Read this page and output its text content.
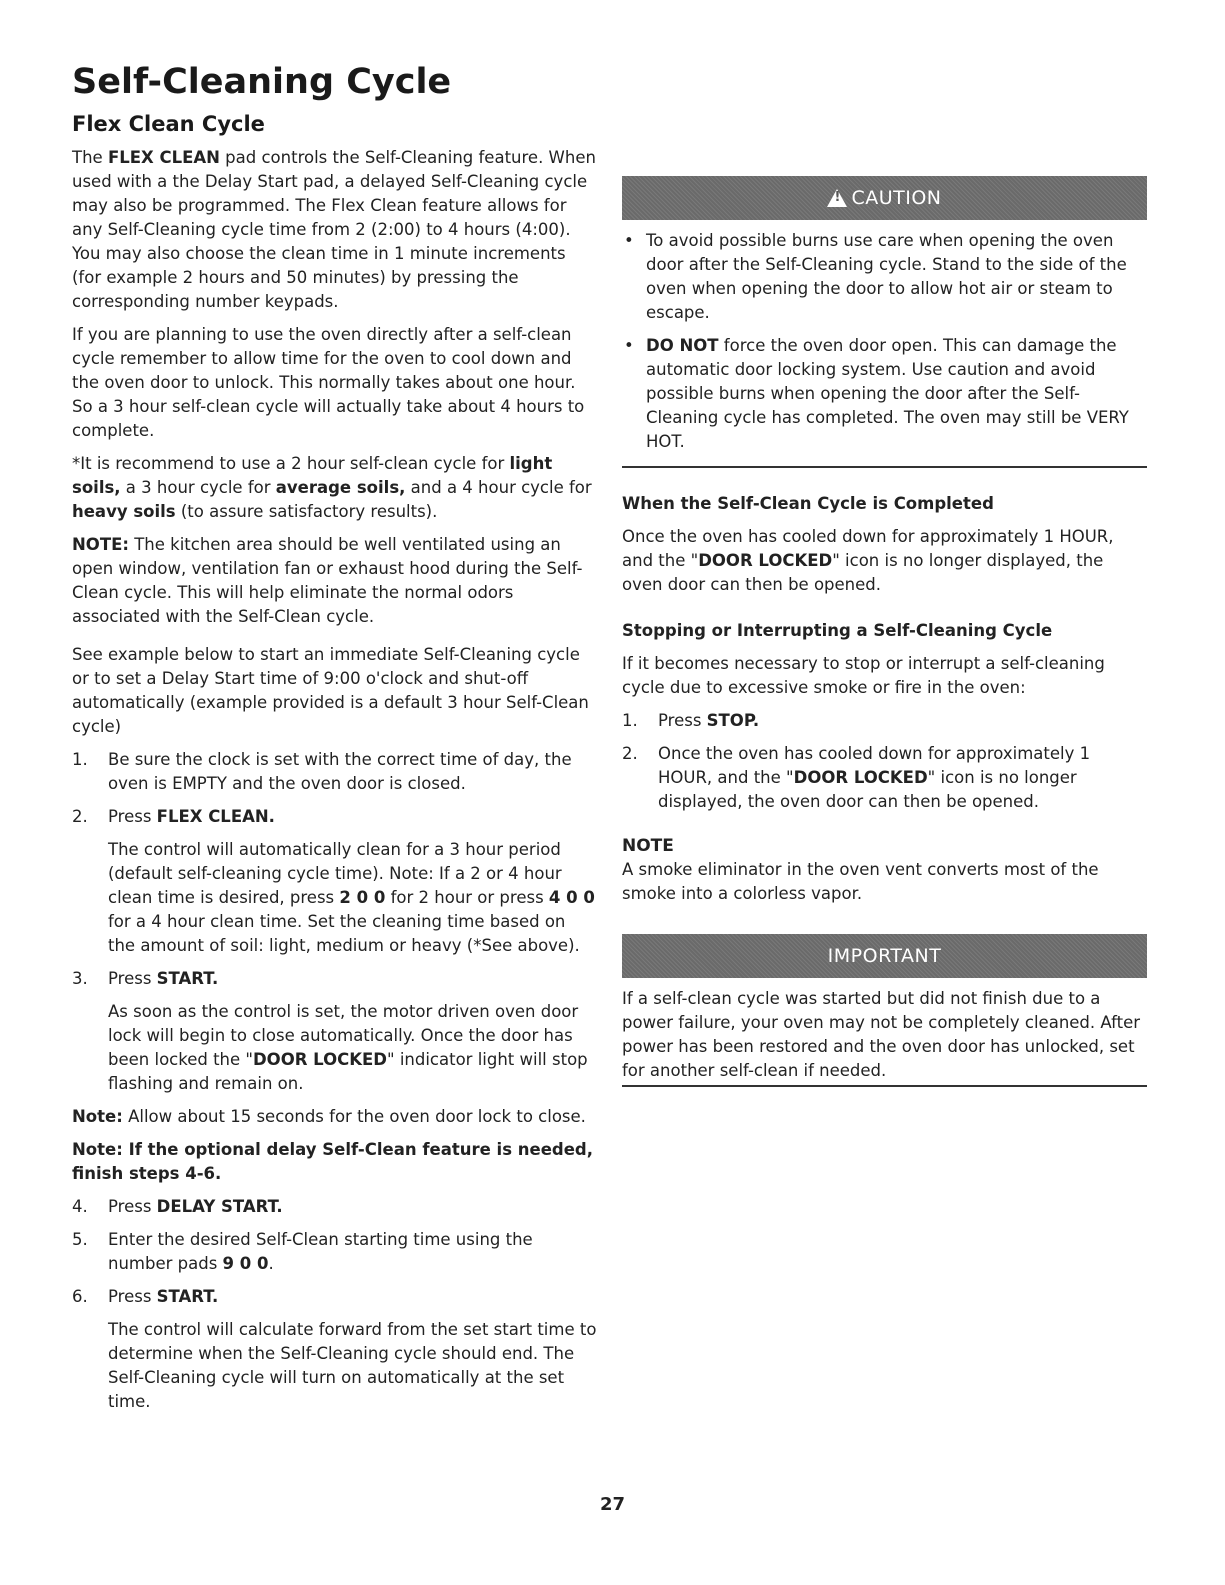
Self-Cleaning Cycle
Flex Clean Cycle

The FLEX CLEAN pad controls the Self-Cleaning feature. When used with a the Delay Start pad, a delayed Self-Cleaning cycle may also be programmed. The Flex Clean feature allows for any Self-Cleaning cycle time from 2 (2:00) to 4 hours (4:00). You may also choose the clean time in 1 minute increments (for example 2 hours and 50 minutes) by pressing the corresponding number keypads.

If you are planning to use the oven directly after a self-clean cycle remember to allow time for the oven to cool down and the oven door to unlock. This normally takes about one hour. So a 3 hour self-clean cycle will actually take about 4 hours to complete.

*It is recommend to use a 2 hour self-clean cycle for light soils, a 3 hour cycle for average soils, and a 4 hour cycle for heavy soils (to assure satisfactory results).

NOTE: The kitchen area should be well ventilated using an open window, ventilation fan or exhaust hood during the Self-Clean cycle. This will help eliminate the normal odors associated with the Self-Clean cycle.

See example below to start an immediate Self-Cleaning cycle or to set a Delay Start time of 9:00 o'clock and shut-off automatically (example provided is a default 3 hour Self-Clean cycle)

1.	Be sure the clock is set with the correct time of day, the oven is EMPTY and the oven door is closed.
2.	Press FLEX CLEAN.

The control will automatically clean for a 3 hour period (default self-cleaning cycle time). Note: If a 2 or 4 hour clean time is desired, press 2 0 0 for 2 hour or press 4 0 0 for a 4 hour clean time. Set the cleaning time based on the amount of soil: light, medium or heavy (*See above).

3.	Press START.

As soon as the control is set, the motor driven oven door lock will begin to close automatically. Once the door has been locked the "DOOR LOCKED" indicator light will stop flashing and remain on.

Note: Allow about 15 seconds for the oven door lock to close.

Note: If the optional delay Self-Clean feature is needed, finish steps 4-6.

4.	Press DELAY START.
5.	Enter the desired Self-Clean starting time using the number pads 9 0 0.
6.	Press START.

The control will calculate forward from the set start time to determine when the Self-Cleaning cycle should end. The Self-Cleaning cycle will turn on automatically at the set time.

!
CAUTION
• To avoid possible burns use care when opening the oven door after the Self-Cleaning cycle. Stand to the side of the oven when opening the door to allow hot air or steam to escape.
• DO NOT force the oven door open. This can damage the automatic door locking system. Use caution and avoid possible burns when opening the door after the Self-Cleaning cycle has completed. The oven may still be VERY HOT.

When the Self-Clean Cycle is Completed

Once the oven has cooled down for approximately 1 HOUR, and the "DOOR LOCKED" icon is no longer displayed, the oven door can then be opened.

Stopping or Interrupting a Self-Cleaning Cycle

If it becomes necessary to stop or interrupt a self-cleaning cycle due to excessive smoke or fire in the oven:

1.	Press STOP.
2.	Once the oven has cooled down for approximately 1 HOUR, and the "DOOR LOCKED" icon is no longer displayed, the oven door can then be opened.

NOTE

A smoke eliminator in the oven vent converts most of the smoke into a colorless vapor.

IMPORTANT

If a self-clean cycle was started but did not finish due to a power failure, your oven may not be completely cleaned. After power has been restored and the oven door has unlocked, set for another self-clean if needed.

27
